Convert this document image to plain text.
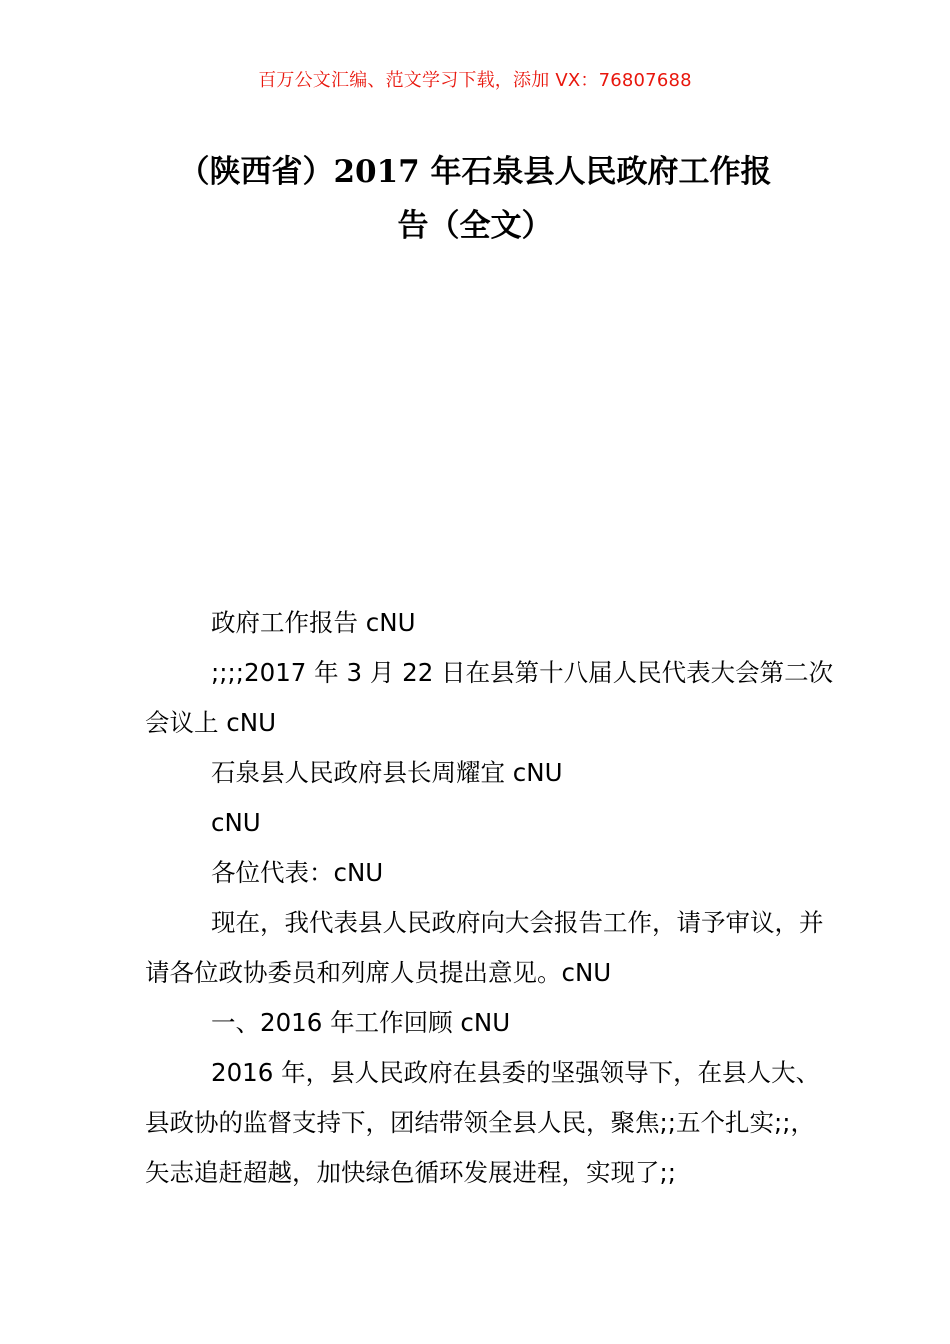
百万公文汇编、范文学习下载，添加 VX：76807688
（陕西省）2017 年石泉县人民政府工作报
告（全文）

政府工作报告 cNU

;;;;2017 年 3 月 22 日在县第十八届人民代表大会第二次会议上 cNU

石泉县人民政府县长周耀宜 cNU

cNU

各位代表：cNU

现在，我代表县人民政府向大会报告工作，请予审议，并请各位政协委员和列席人员提出意见。cNU

一、2016 年工作回顾 cNU

2016 年，县人民政府在县委的坚强领导下，在县人大、县政协的监督支持下，团结带领全县人民，聚焦;;五个扎实;;，矢志追赶超越，加快绿色循环发展进程，实现了;;
